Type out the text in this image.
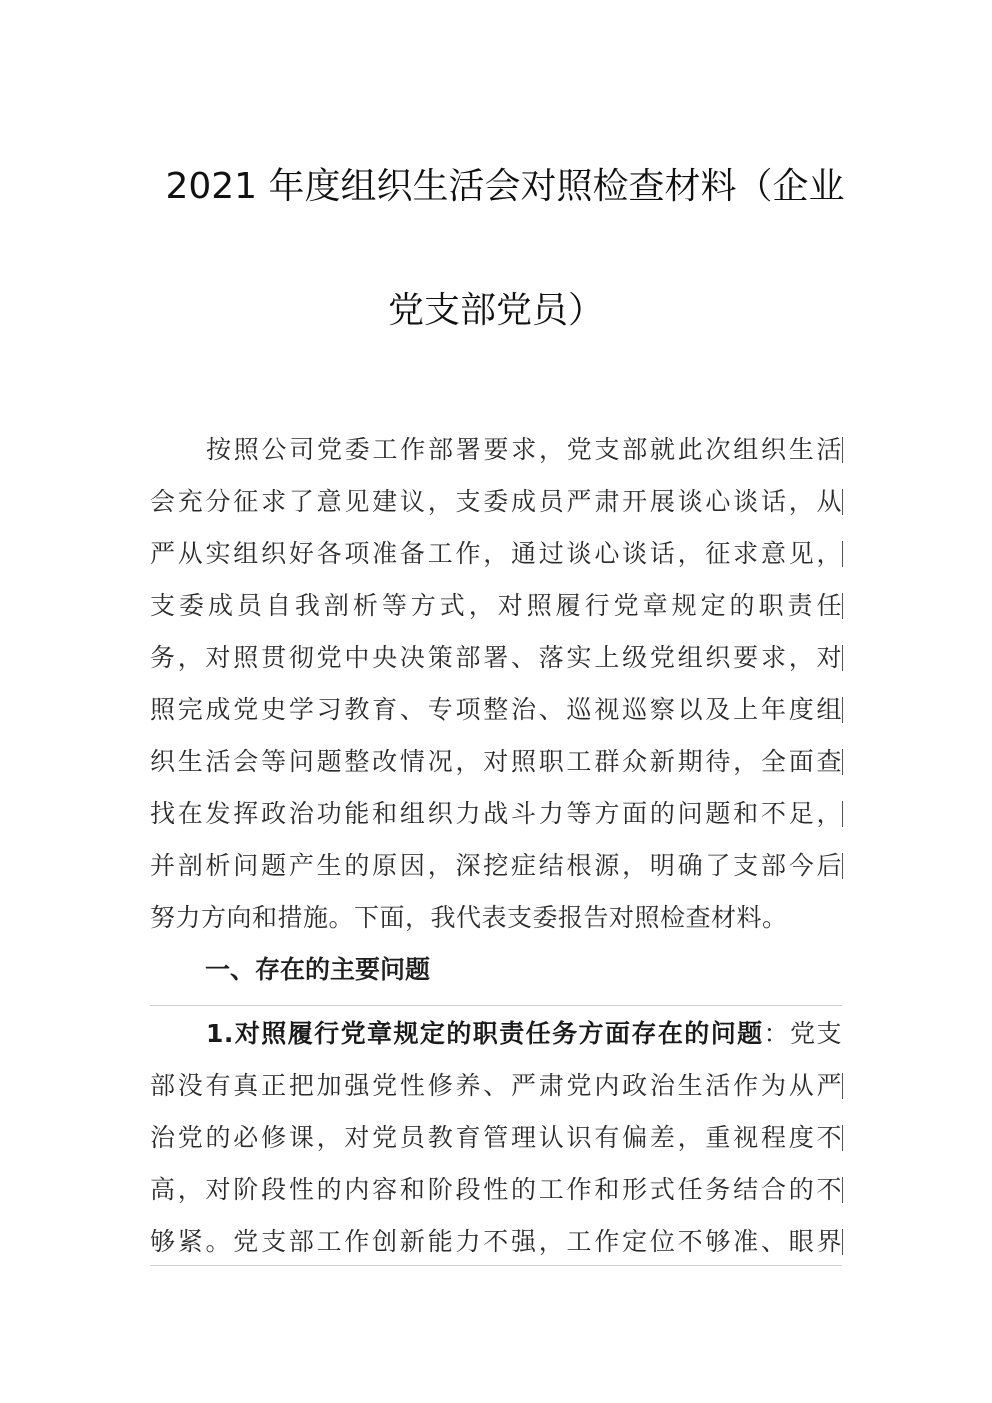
2021 年度组织生活会对照检查材料（企业
党支部党员）
按照公司党委工作部署要求，党支部就此次组织生活
会充分征求了意见建议，支委成员严肃开展谈心谈话，从
严从实组织好各项准备工作，通过谈心谈话，征求意见，
支委成员自我剖析等方式，对照履行党章规定的职责任
务，对照贯彻党中央决策部署、落实上级党组织要求，对
照完成党史学习教育、专项整治、巡视巡察以及上年度组
织生活会等问题整改情况，对照职工群众新期待，全面查
找在发挥政治功能和组织力战斗力等方面的问题和不足，
并剖析问题产生的原因，深挖症结根源，明确了支部今后
努力方向和措施。下面，我代表支委报告对照检查材料。
一、存在的主要问题
1.对照履行党章规定的职责任务方面存在的问题：党支
部没有真正把加强党性修养、严肃党内政治生活作为从严
治党的必修课，对党员教育管理认识有偏差，重视程度不
高，对阶段性的内容和阶段性的工作和形式任务结合的不
够紧。党支部工作创新能力不强，工作定位不够准、眼界
